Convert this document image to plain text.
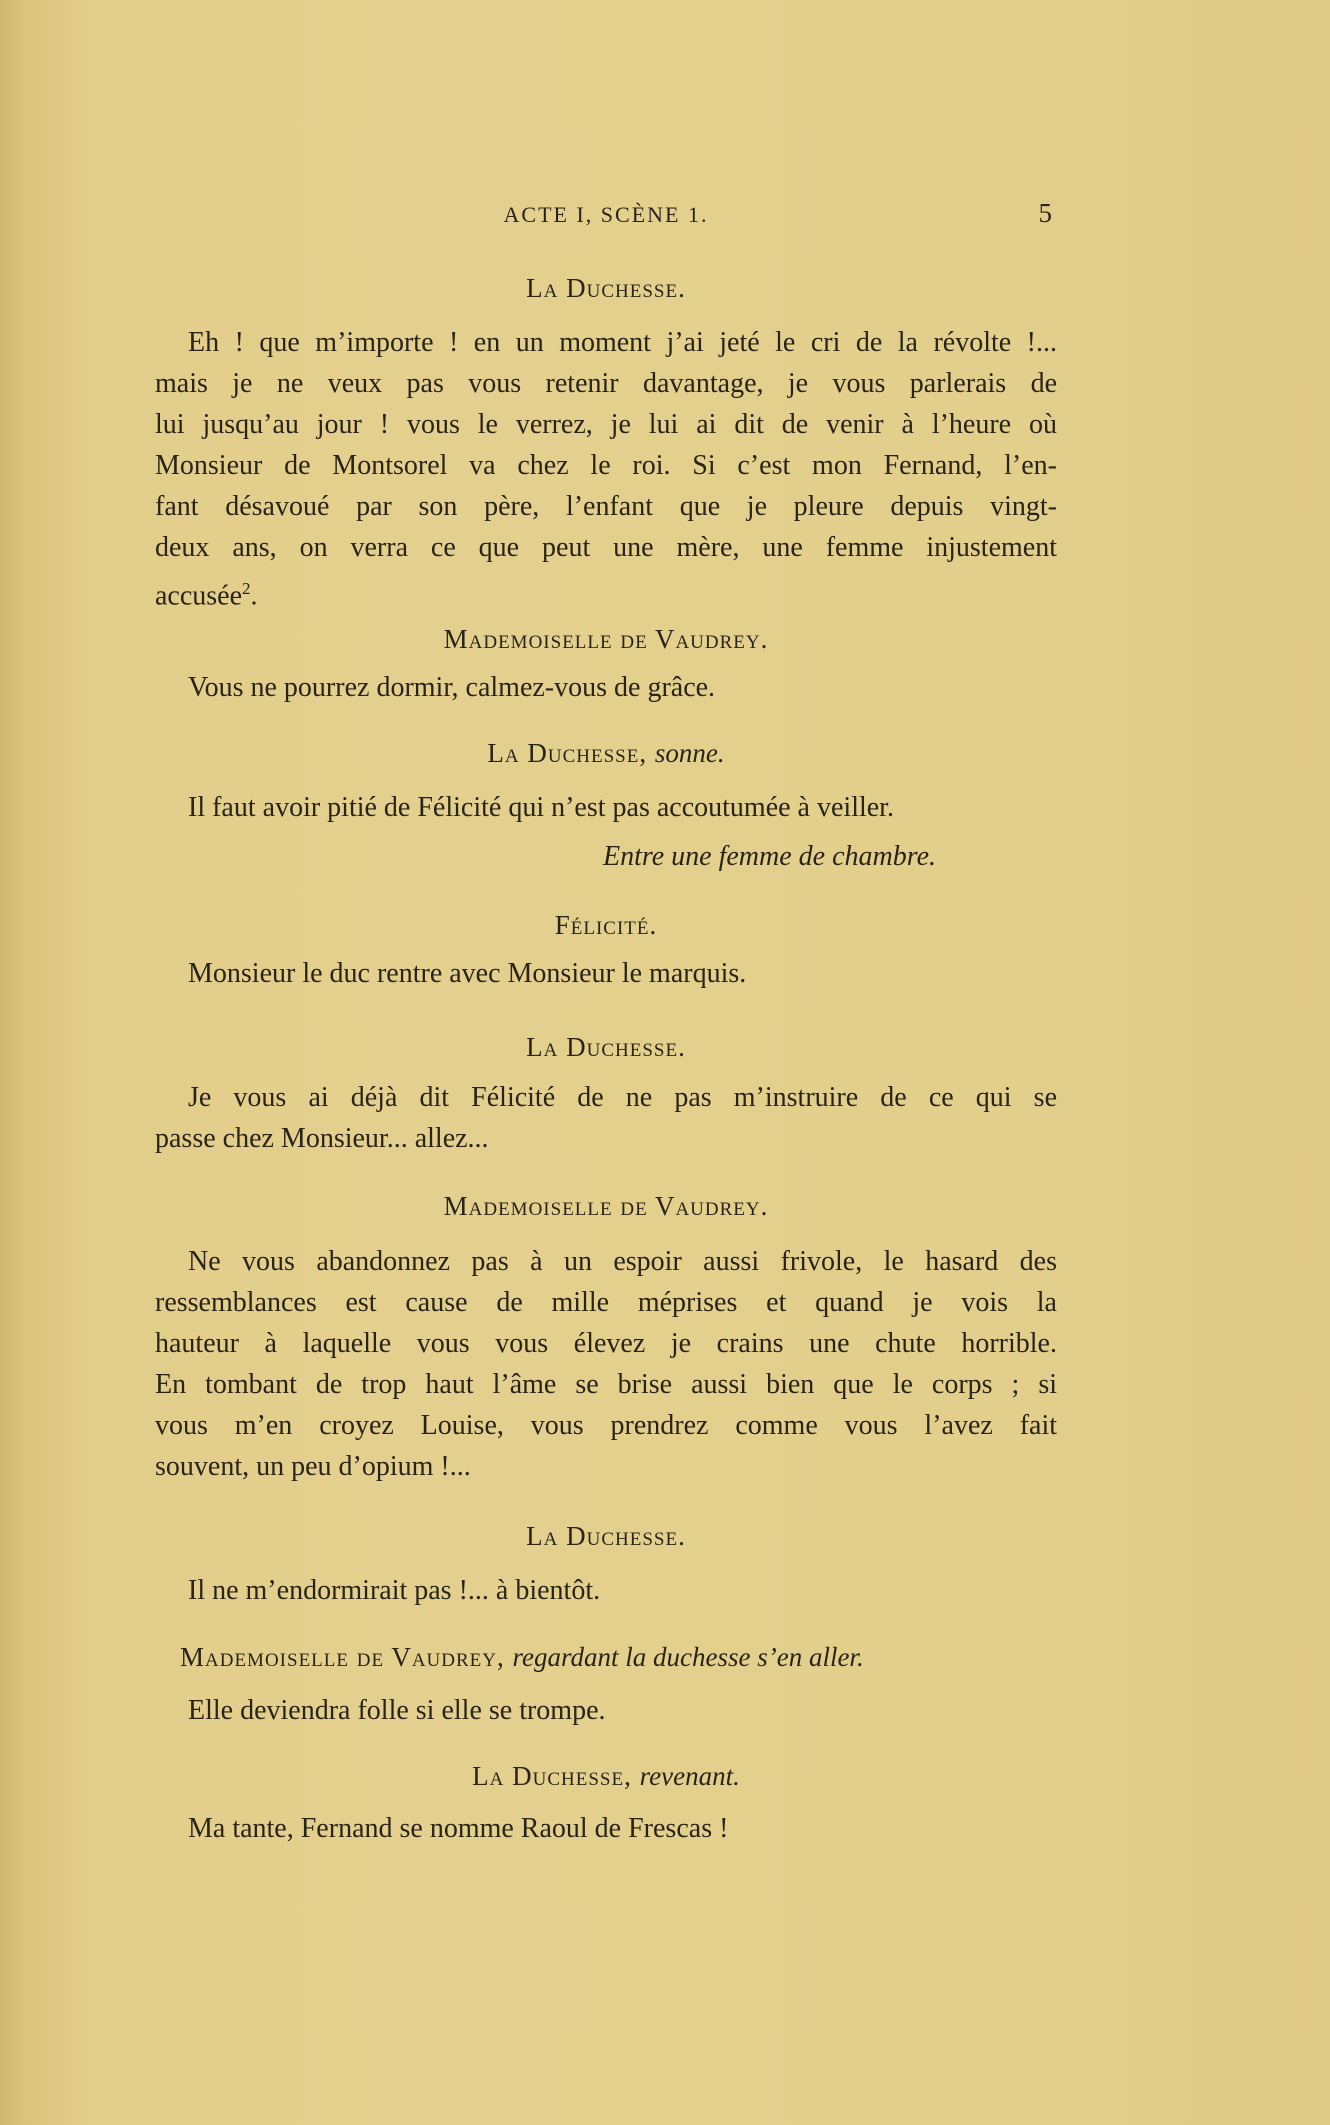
ACTE I, SCÈNE 1.	5
La Duchesse.
Eh ! que m’importe ! en un moment j’ai jeté le cri de la révolte !...
mais je ne veux pas vous retenir davantage, je vous parlerais de
lui jusqu’au jour ! vous le verrez, je lui ai dit de venir à l’heure où
Monsieur de Montsorel va chez le roi. Si c’est mon Fernand, l’en-
fant désavoué par son père, l’enfant que je pleure depuis vingt-
deux ans, on verra ce que peut une mère, une femme injustement
accusée$^2$.
Mademoiselle de Vaudrey.
Vous ne pourrez dormir, calmez-vous de grâce.
La Duchesse, sonne.
Il faut avoir pitié de Félicité qui n’est pas accoutumée à veiller.
Entre une femme de chambre.
Félicité.
Monsieur le duc rentre avec Monsieur le marquis.
La Duchesse.
Je vous ai déjà dit Félicité de ne pas m’instruire de ce qui se
passe chez Monsieur... allez...
Mademoiselle de Vaudrey.
Ne vous abandonnez pas à un espoir aussi frivole, le hasard des
ressemblances est cause de mille méprises et quand je vois la
hauteur à laquelle vous vous élevez je crains une chute horrible.
En tombant de trop haut l’âme se brise aussi bien que le corps ; si
vous m’en croyez Louise, vous prendrez comme vous l’avez fait
souvent, un peu d’opium !...
La Duchesse.
Il ne m’endormirait pas !... à bientôt.
Mademoiselle de Vaudrey, regardant la duchesse s’en aller.
Elle deviendra folle si elle se trompe.
La Duchesse, revenant.
Ma tante, Fernand se nomme Raoul de Frescas !
